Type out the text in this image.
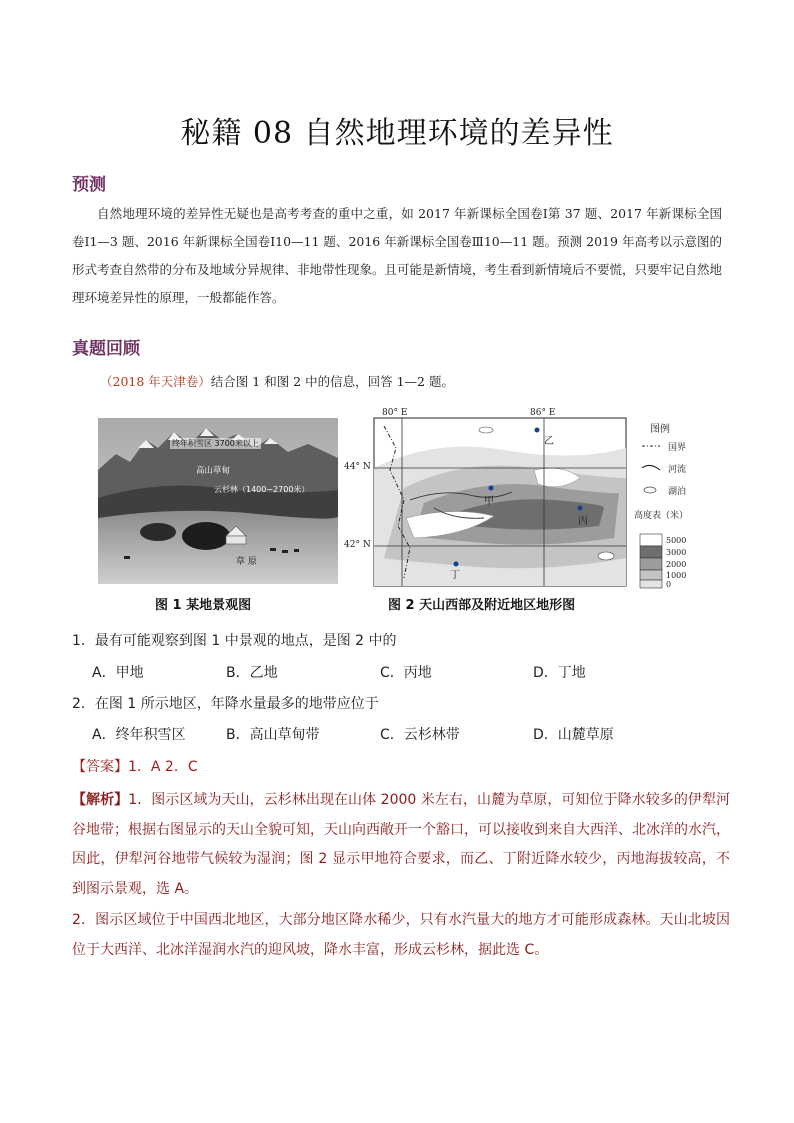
秘籍 08 自然地理环境的差异性
预测
自然地理环境的差异性无疑也是高考考查的重中之重，如 2017 年新课标全国卷Ⅰ第 37 题、2017 年新课标全国卷Ⅰ1—3 题、2016 年新课标全国卷Ⅰ10—11 题、2016 年新课标全国卷Ⅲ10—11 题。预测 2019 年高考以示意图的形式考查自然带的分布及地域分异规律、非地带性现象。且可能是新情境，考生看到新情境后不要慌，只要牢记自然地理环境差异性的原理，一般都能作答。
真题回顾
（2018 年天津卷）结合图 1 和图 2 中的信息，回答 1—2 题。
终年积雪区 3700米以上
高山草甸
云杉林（1400~2700米）
草 原
图 1 某地景观图
80° E	86° E
44° N
42° N
乙
甲
丙
丁
图例
国界
河流
湖泊
高度表（米）
5000
3000
2000
1000
0
图 2 天山西部及附近地区地形图
1．最有可能观察到图 1 中景观的地点，是图 2 中的
A．甲地	B．乙地	C．丙地	D．丁地
2．在图 1 所示地区，年降水量最多的地带应位于
A．终年积雪区	B．高山草甸带	C．云杉林带	D．山麓草原
【答案】1．A 2．C
【解析】1．图示区域为天山，云杉林出现在山体 2000 米左右，山麓为草原，可知位于降水较多的伊犁河谷地带；根据右图显示的天山全貌可知，天山向西敞开一个豁口，可以接收到来自大西洋、北冰洋的水汽，因此，伊犁河谷地带气候较为湿润；图 2 显示甲地符合要求，而乙、丁附近降水较少，丙地海拔较高，不到图示景观，选 A。
2．图示区域位于中国西北地区，大部分地区降水稀少，只有水汽量大的地方才可能形成森林。天山北坡因位于大西洋、北冰洋湿润水汽的迎风坡，降水丰富，形成云杉林，据此选 C。
